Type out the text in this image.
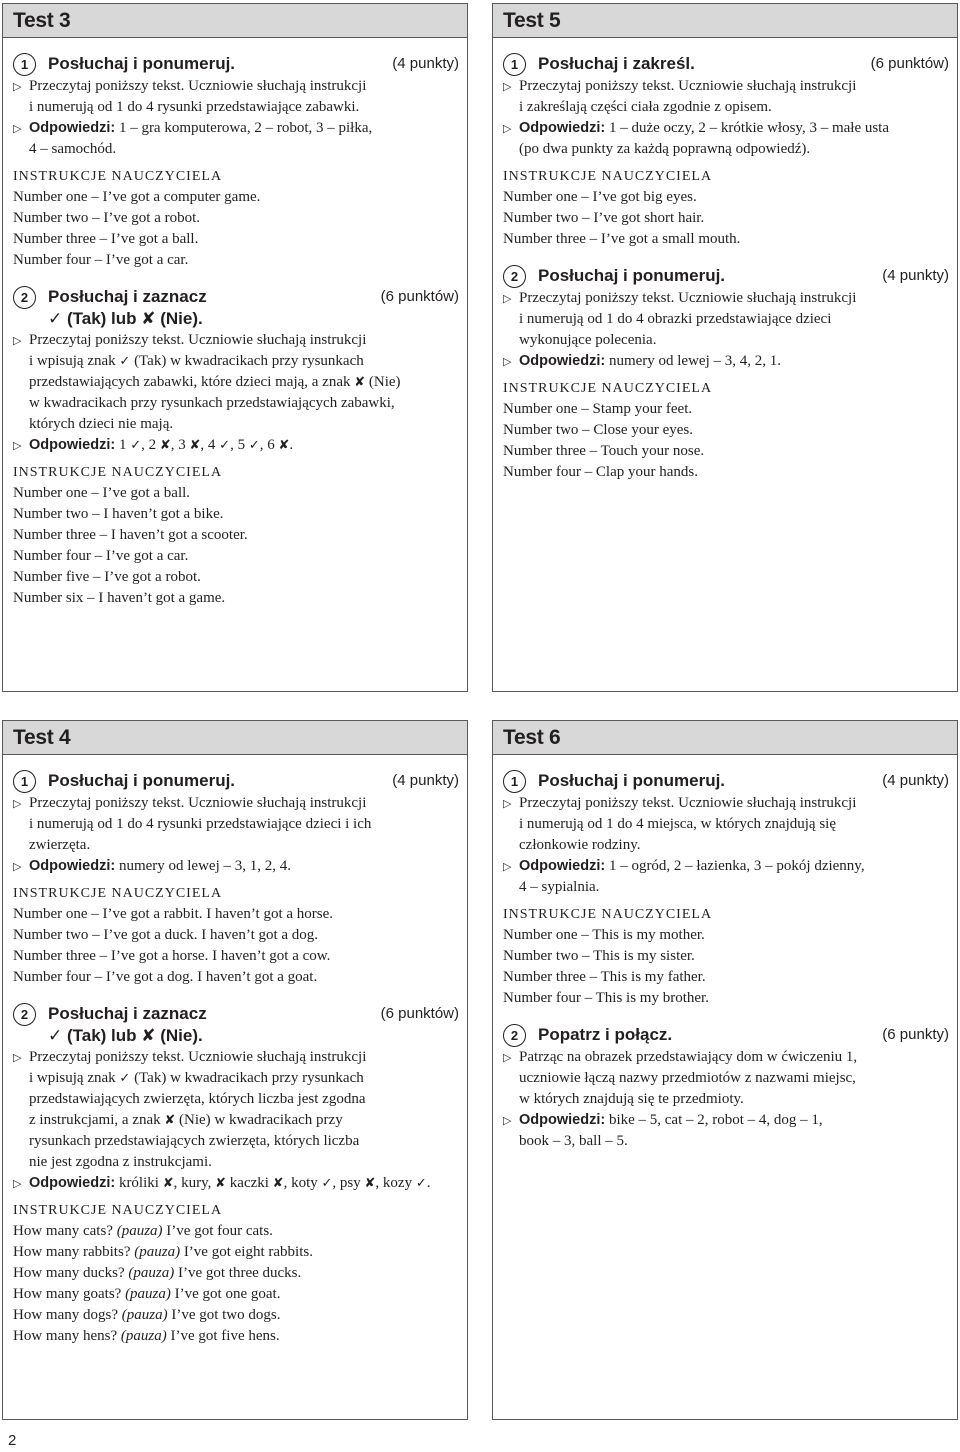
Test 3
1	Posłuchaj i ponumeruj.	(4 punkty)
▷ Przeczytaj poniższy tekst. Uczniowie słuchają instrukcji
i numerują od 1 do 4 rysunki przedstawiające zabawki.
▷ Odpowiedzi: 1 – gra komputerowa, 2 – robot, 3 – piłka,
4 – samochód.
INSTRUKCJE NAUCZYCIELA
Number one – I’ve got a computer game.
Number two – I’ve got a robot.
Number three – I’ve got a ball.
Number four – I’ve got a car.
2	Posłuchaj i zaznacz
✓ (Tak) lub ✘ (Nie).
(6 punktów)
▷ Przeczytaj poniższy tekst. Uczniowie słuchają instrukcji
i wpisują znak ✓ (Tak) w kwadracikach przy rysunkach
przedstawiających zabawki, które dzieci mają, a znak ✘ (Nie)
w kwadracikach przy rysunkach przedstawiających zabawki,
których dzieci nie mają.
▷ Odpowiedzi: 1 ✓, 2 ✘, 3 ✘, 4 ✓, 5 ✓, 6 ✘.
INSTRUKCJE NAUCZYCIELA
Number one – I’ve got a ball.
Number two – I haven’t got a bike.
Number three – I haven’t got a scooter.
Number four – I’ve got a car.
Number five – I’ve got a robot.
Number six – I haven’t got a game.
Test 5
1	Posłuchaj i zakreśl.	(6 punktów)
▷ Przeczytaj poniższy tekst. Uczniowie słuchają instrukcji
i zakreślają części ciała zgodnie z opisem.
▷ Odpowiedzi: 1 – duże oczy, 2 – krótkie włosy, 3 – małe usta
(po dwa punkty za każdą poprawną odpowiedź).
INSTRUKCJE NAUCZYCIELA
Number one – I’ve got big eyes.
Number two – I’ve got short hair.
Number three – I’ve got a small mouth.
2	Posłuchaj i ponumeruj.	(4 punkty)
▷ Przeczytaj poniższy tekst. Uczniowie słuchają instrukcji
i numerują od 1 do 4 obrazki przedstawiające dzieci
wykonujące polecenia.
▷ Odpowiedzi: numery od lewej – 3, 4, 2, 1.
INSTRUKCJE NAUCZYCIELA
Number one – Stamp your feet.
Number two – Close your eyes.
Number three – Touch your nose.
Number four – Clap your hands.
Test 4
1	Posłuchaj i ponumeruj.	(4 punkty)
▷ Przeczytaj poniższy tekst. Uczniowie słuchają instrukcji
i numerują od 1 do 4 rysunki przedstawiające dzieci i ich
zwierzęta.
▷ Odpowiedzi: numery od lewej – 3, 1, 2, 4.
INSTRUKCJE NAUCZYCIELA
Number one – I’ve got a rabbit. I haven’t got a horse.
Number two – I’ve got a duck. I haven’t got a dog.
Number three – I’ve got a horse. I haven’t got a cow.
Number four – I’ve got a dog. I haven’t got a goat.
2	Posłuchaj i zaznacz
✓ (Tak) lub ✘ (Nie).
(6 punktów)
▷ Przeczytaj poniższy tekst. Uczniowie słuchają instrukcji
i wpisują znak ✓ (Tak) w kwadracikach przy rysunkach
przedstawiających zwierzęta, których liczba jest zgodna
z instrukcjami, a znak ✘ (Nie) w kwadracikach przy
rysunkach przedstawiających zwierzęta, których liczba
nie jest zgodna z instrukcjami.
▷ Odpowiedzi: króliki ✘, kury, ✘ kaczki ✘, koty ✓, psy ✘, kozy ✓.
INSTRUKCJE NAUCZYCIELA
How many cats? (pauza) I’ve got four cats.
How many rabbits? (pauza) I’ve got eight rabbits.
How many ducks? (pauza) I’ve got three ducks.
How many goats? (pauza) I’ve got one goat.
How many dogs? (pauza) I’ve got two dogs.
How many hens? (pauza) I’ve got five hens.
Test 6
1	Posłuchaj i ponumeruj.	(4 punkty)
▷ Przeczytaj poniższy tekst. Uczniowie słuchają instrukcji
i numerują od 1 do 4 miejsca, w których znajdują się
członkowie rodziny.
▷ Odpowiedzi: 1 – ogród, 2 – łazienka, 3 – pokój dzienny,
4 – sypialnia.
INSTRUKCJE NAUCZYCIELA
Number one – This is my mother.
Number two – This is my sister.
Number three – This is my father.
Number four – This is my brother.
2	Popatrz i połącz.	(6 punkty)
▷ Patrząc na obrazek przedstawiający dom w ćwiczeniu 1,
uczniowie łączą nazwy przedmiotów z nazwami miejsc,
w których znajdują się te przedmioty.
▷ Odpowiedzi: bike – 5, cat – 2, robot – 4, dog – 1,
book – 3, ball – 5.
2
